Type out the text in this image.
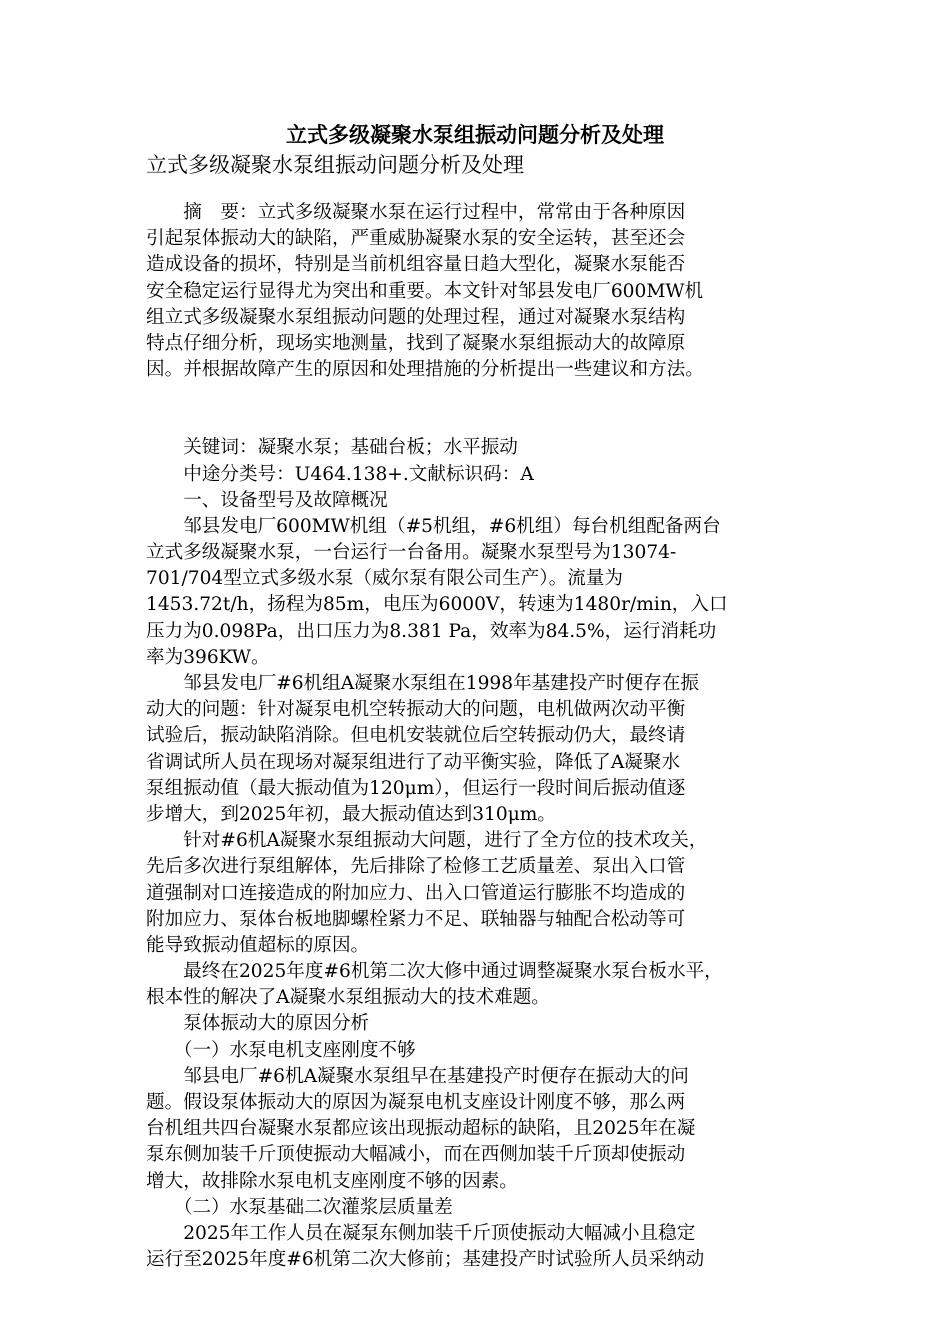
立式多级凝聚水泵组振动问题分析及处理
立式多级凝聚水泵组振动问题分析及处理
　　摘　要：立式多级凝聚水泵在运行过程中，常常由于各种原因
引起泵体振动大的缺陷，严重威胁凝聚水泵的安全运转，甚至还会
造成设备的损坏，特别是当前机组容量日趋大型化，凝聚水泵能否
安全稳定运行显得尤为突出和重要。本文针对邹县发电厂600MW机
组立式多级凝聚水泵组振动问题的处理过程，通过对凝聚水泵结构
特点仔细分析，现场实地测量，找到了凝聚水泵组振动大的故障原
因。并根据故障产生的原因和处理措施的分析提出一些建议和方法。
　　关键词：凝聚水泵；基础台板；水平振动
　　中途分类号：U464.138+.文献标识码：A
　　一、设备型号及故障概况
　　邹县发电厂600MW机组（#5机组，#6机组）每台机组配备两台
立式多级凝聚水泵，一台运行一台备用。凝聚水泵型号为13074-
701/704型立式多级水泵（威尔泵有限公司生产）。流量为
1453.72t/h，扬程为85m，电压为6000V，转速为1480r/min，入口
压力为0.098Pa，出口压力为8.381 Pa，效率为84.5%，运行消耗功
率为396KW。
　　邹县发电厂#6机组A凝聚水泵组在1998年基建投产时便存在振
动大的问题：针对凝泵电机空转振动大的问题，电机做两次动平衡
试验后，振动缺陷消除。但电机安装就位后空转振动仍大，最终请
省调试所人员在现场对凝泵组进行了动平衡实验，降低了A凝聚水
泵组振动值（最大振动值为120μm），但运行一段时间后振动值逐
步增大，到2025年初，最大振动值达到310μm。
　　针对#6机A凝聚水泵组振动大问题，进行了全方位的技术攻关，
先后多次进行泵组解体，先后排除了检修工艺质量差、泵出入口管
道强制对口连接造成的附加应力、出入口管道运行膨胀不均造成的
附加应力、泵体台板地脚螺栓紧力不足、联轴器与轴配合松动等可
能导致振动值超标的原因。
　　最终在2025年度#6机第二次大修中通过调整凝聚水泵台板水平，
根本性的解决了A凝聚水泵组振动大的技术难题。
　　泵体振动大的原因分析
　　（一）水泵电机支座刚度不够
　　邹县电厂#6机A凝聚水泵组早在基建投产时便存在振动大的问
题。假设泵体振动大的原因为凝泵电机支座设计刚度不够，那么两
台机组共四台凝聚水泵都应该出现振动超标的缺陷，且2025年在凝
泵东侧加装千斤顶使振动大幅减小，而在西侧加装千斤顶却使振动
增大，故排除水泵电机支座刚度不够的因素。
　　（二）水泵基础二次灌浆层质量差
　　2025年工作人员在凝泵东侧加装千斤顶使振动大幅减小且稳定
运行至2025年度#6机第二次大修前；基建投产时试验所人员采纳动
